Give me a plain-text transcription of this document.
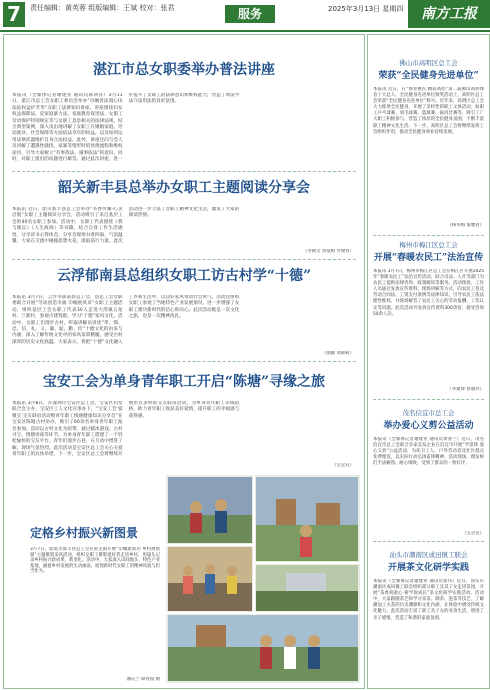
7	责任编辑：黄英蓉 组版编辑：王斌 校对：张君	服务	2025年3月13日 星期四	南方工报
湛江市总女职委举办普法讲座
本报讯（全媒体记者谢建业 通讯员韩鸿萍）3月11日，湛江市总工会女职工委员会举办“巾帼普法润心田 法佑权益护芳华”女职工法律知识讲座。讲座围绕妇女权益保障法、反家庭暴力法、家庭教育促进法、女职工劳动保护特别规定等与女职工息息相关的法律法规，结合典型案例，深入浅出地讲解了女职工在婚姻家庭、劳动就业、社会保障等方面依法享有的权益，以及如何运用法律武器维护自身合法权益。此外，讲座还向与会人员讲解了遭遇性骚扰、家暴等情形时的处理流程和维权途径，引导大家树立“有事找法、遇事依法”的意识，同时，对职工提出的问题进行解答。通过此次讲座，进一步提升了女职工的法律意识和维权能力，营造了尊法学法守法用法的良好氛围。
韶关新丰县总举办女职工主题阅读分享会
本报讯 近日，韶关新丰县总工会举办“书香传馨·心灵启航”女职工主题阅读分享会，活动吸引了来自基层工会的40名女职工参加。活动中，女职工代表围绕《我与地坛》《人生海海》等书籍，结合自身工作生活感悟，分享读书心得体会。分享会现场书香四溢，气氛温馨，大家在交流中碰撞思想火花、汲取前行力量。此次活动进一步丰富了女职工精神文化生活，激发了大家的阅读热情。
（李锦文 黄依梅 罗俊青）
云浮郁南县总组织女职工访古村学“十德”
本报讯 3月7日，云浮市郁南县总工会、县总工会女职委联合开展“劳动创造幸福 巾帼展风采”女职工主题活动，组织基层工会女职工代表30人走进大湾镇五星村、兰寨村，参观古建筑群，学习“十德”家风文化。活动中，女职工们漫步古村，听取讲解员讲述“孝、悌、忠、信、礼、义、廉、耻、勤、俭”十德文化的由来与内涵，深入了解传统文化中的家风家训精髓，感受古村深厚的历史文化底蕴。大家表示，将把“十德”文化融入工作和生活中，以良好家风带动社会风气。活动还组织女职工参观了当地特色产业发展情况，进一步增强了女职工建功新时代的信心和决心。此次活动既是一次文化之旅，也是一次精神洗礼。
（梁颖 刘锦莉）
宝安工会为单身青年职工开启“陈塘”寻缘之旅
本报讯 3月8日，在深圳市宝安区总工会、宝安区妇女联合会主办，宝安区工人文化宫承办下，“宝安工会‘爱聚宝’交友联谊活动暨青年职工情感健康知识分享会”在宝安区陈塘古村举办，吸引了60余名单身青年职工报名参加。活动以古村文化为纽带，通过破冰游戏、古村寻宝、情感讲座等环节，为单身青年职工搭建了一个轻松愉快的交友平台。青年们漫步古巷，在互动中增进了解，现场气氛热烈。此次活动是宝安区总工会关心关爱青年职工的具体举措，下一步，宝安区总工会将继续开展形式多样的交友联谊活动，为单身青年职工牵线搭桥，助力青年职工收获美好爱情，提升职工的幸福感与获得感。
（宝企宣）
定格乡村振兴新图景
3月7日，汕尾市海丰县总工会在黄羌镇开展“巾帼建新功 乡村展新颜”主题摄影采风活动，组织女职工摄影爱好者走进乡村，用镜头记录乡村振兴新成果、新变化。活动中，大家深入田间地头、特色产业基地，捕捉乡村发展的生动画面，展现新时代女职工的精神风貌与担当作为。
潘庆兰 谭春园 摄
佛山市高明区总工会
荣获“全民健身先进单位”
本报讯 近日，在“体育惠民 精彩高明”第二届佛山高明体育十大总人、全民健身先进单位颁奖活动上，高明区总工会荣获“全民健身先进单位”称号。近年来，高明区总工会大力推进全民健身，开展了多样性的职工文体活动，如职工乒乓球赛、羽毛球赛、篮球赛、拔河比赛等，吸引了广大职工积极参与，营造了浓厚的全民健身氛围，不断丰富职工精神文化生活。下一步，高明区总工会将继续发挥工会组织作用，推动全民健身事业持续发展。
（杨冬梅 黎雅君）
梅州市梅江区总工会
开展“春暖农民工”法治宣传
本报讯 3月7日，梅州市梅江区总工会在梅江区开展2025年“春暖农民工”法治宣传活动，联合司法、人社等部门为农民工提供法律咨询、政策解读等服务。活动现场，工作人员通过发放宣传资料、现场讲解等方式，向农民工普及劳动合同法、工资支付条例等法律知识，引导农民工依法理性维权，并现场解答了农民工关心的劳动报酬、工伤认定等问题。此次活动共发放宣传资料300余份，接受咨询50余人次。
（李建锋 曾晓玲）
茂名信宜市总工会
举办爱心义剪公益活动
本报讯（全媒体记者谢建业 通讯员黄春兰）近日，茂名信宜市总工会联合多家美发企业在信宜市开展“学雷锋 爱心义剪”公益活动，为环卫工人、户外劳动者及社区群众免费理发，以实际行动弘扬雷锋精神。活动现场，理发师们手法娴熟、耐心细致，受到了群众的一致好评。
（宝企宣）
汕头市潮南区成田镇工联会
开展茶文化研学实践
本报讯（全媒体记者谢建业 通讯员张伟）近日，汕头市潮南区成田镇工联会组织部分职工及其子女走进茶园，开展“茶香润童心 研学促成长”茶文化研学实践活动。活动中，大家跟随茶艺师学习采茶、制茶、泡茶等技艺，了解潮汕工夫茶的历史渊源和文化内涵，在体验中感受传统文化魅力。此次活动丰富了职工及子女的业余生活，增进了亲子感情，营造了和谐的家庭氛围。
